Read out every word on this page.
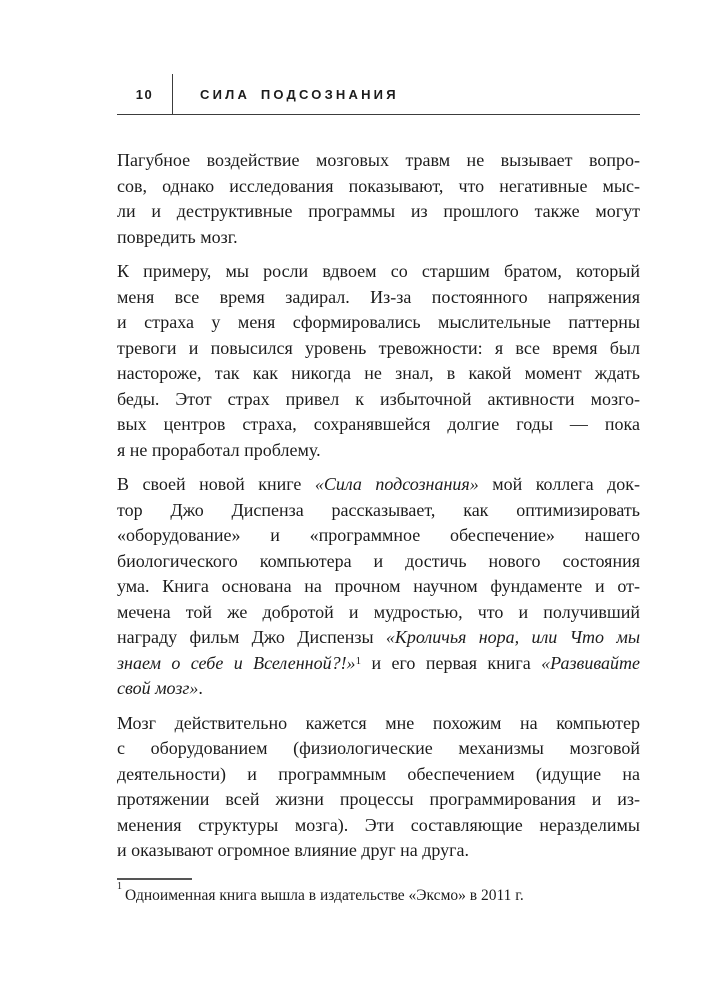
10	СИЛА ПОДСОЗНАНИЯ
Пагубное воздействие мозговых травм не вызывает вопро-
сов, однако исследования показывают, что негативные мыс-
ли и деструктивные программы из прошлого также могут
повредить мозг.
К примеру, мы росли вдвоем со старшим братом, который
меня все время задирал. Из-за постоянного напряжения
и страха у меня сформировались мыслительные паттерны
тревоги и повысился уровень тревожности: я все время был
настороже, так как никогда не знал, в какой момент ждать
беды. Этот страх привел к избыточной активности мозго-
вых центров страха, сохранявшейся долгие годы — пока
я не проработал проблему.
В своей новой книге «Сила подсознания» мой коллега док-
тор Джо Диспенза рассказывает, как оптимизировать
«оборудование» и «программное обеспечение» нашего
биологического компьютера и достичь нового состояния
ума. Книга основана на прочном научном фундаменте и от-
мечена той же добротой и мудростью, что и получивший
награду фильм Джо Диспензы «Кроличья нора, или Что мы
знаем о себе и Вселенной?!»$^1$ и его первая книга «Развивайте
свой мозг».
Мозг действительно кажется мне похожим на компьютер
с оборудованием (физиологические механизмы мозговой
деятельности) и программным обеспечением (идущие на
протяжении всей жизни процессы программирования и из-
менения структуры мозга). Эти составляющие неразделимы
и оказывают огромное влияние друг на друга.
$^1$ Одноименная книга вышла в издательстве «Эксмо» в 2011 г.
